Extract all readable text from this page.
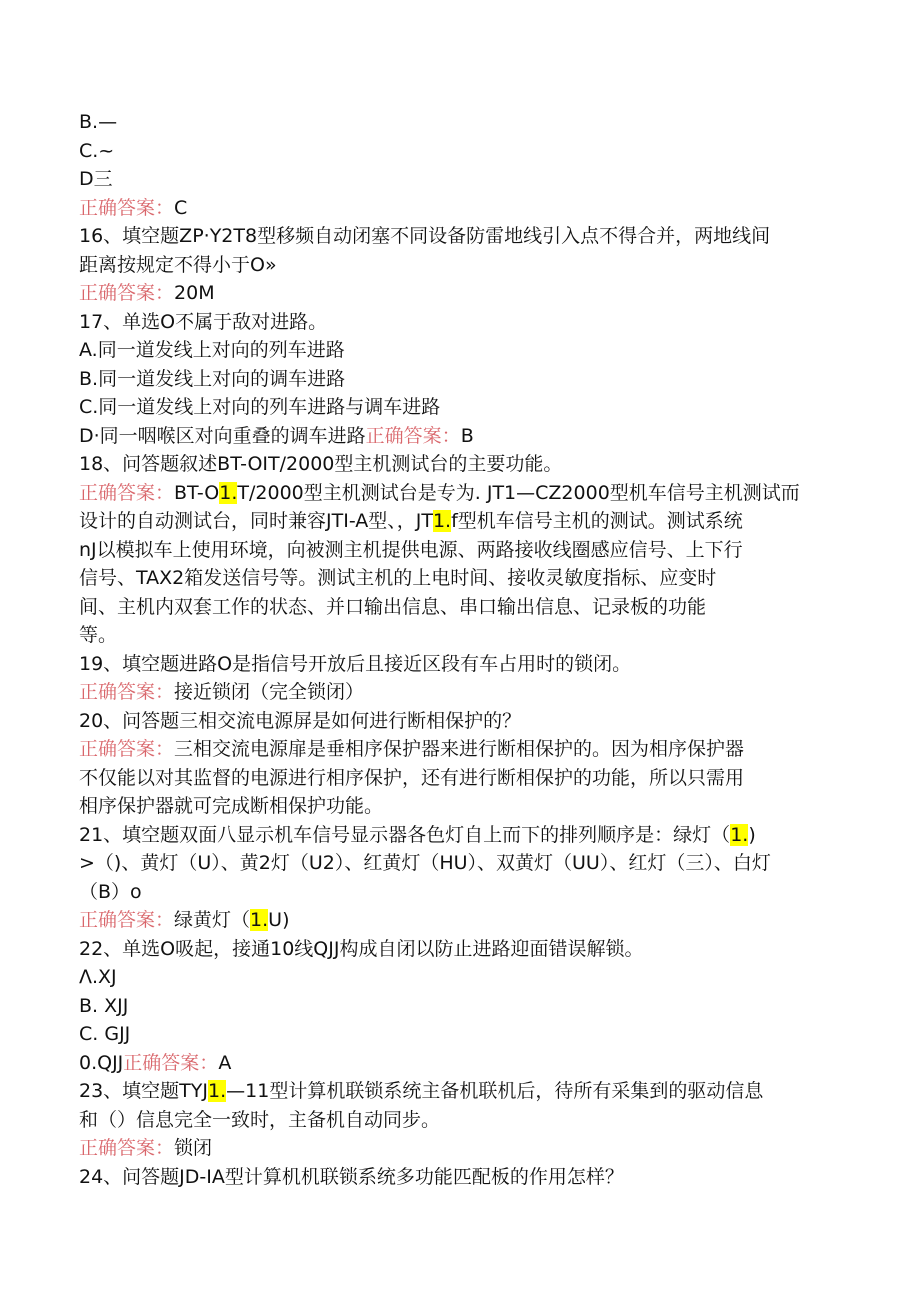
B.—
C.~
D三
正确答案：C
16、填空题ZP·Y2T8型移频自动闭塞不同设备防雷地线引入点不得合并，两地线间
距离按规定不得小于O»
正确答案：20M
17、单选O不属于敌对进路。
A.同一道发线上对向的列车进路
B.同一道发线上对向的调车进路
C.同一道发线上对向的列车进路与调车进路
D·同一咽喉区对向重叠的调车进路正确答案：B
18、问答题叙述BT-OIT/2000型主机测试台的主要功能。
正确答案：BT-O1.T/2000型主机测试台是专为. JT1—CZ2000型机车信号主机测试而
设计的自动测试台，同时兼容JTI-A型、，JT1.f型机车信号主机的测试。测试系统
nJ以模拟车上使用环境，向被测主机提供电源、两路接收线圈感应信号、上下行
信号、TAX2箱发送信号等。测试主机的上电时间、接收灵敏度指标、应变时
间、主机内双套工作的状态、并口输出信息、串口输出信息、记录板的功能
等。
19、填空题进路O是指信号开放后且接近区段有车占用时的锁闭。
正确答案：接近锁闭（完全锁闭）
20、问答题三相交流电源屏是如何进行断相保护的？
正确答案：三相交流电源扉是垂相序保护器来进行断相保护的。因为相序保护器
不仅能以对其监督的电源进行相序保护，还有进行断相保护的功能，所以只需用
相序保护器就可完成断相保护功能。
21、填空题双面八显示机车信号显示器各色灯自上而下的排列顺序是：绿灯（1.)
>（)、黄灯（U）、黄2灯（U2）、红黄灯（HU）、双黄灯（UU）、红灯（三）、白灯
（B）o
正确答案：绿黄灯（1.U)
22、单选O吸起，接通10线QJJ构成自闭以防止进路迎面错误解锁。
Λ.XJ
B. XJJ
C. GJJ
0.QJJ正确答案：A
23、填空题TYJ1.—11型计算机联锁系统主备机联机后，待所有采集到的驱动信息
和（）信息完全一致时，主备机自动同步。
正确答案：锁闭
24、问答题JD-IA型计算机机联锁系统多功能匹配板的作用怎样？
